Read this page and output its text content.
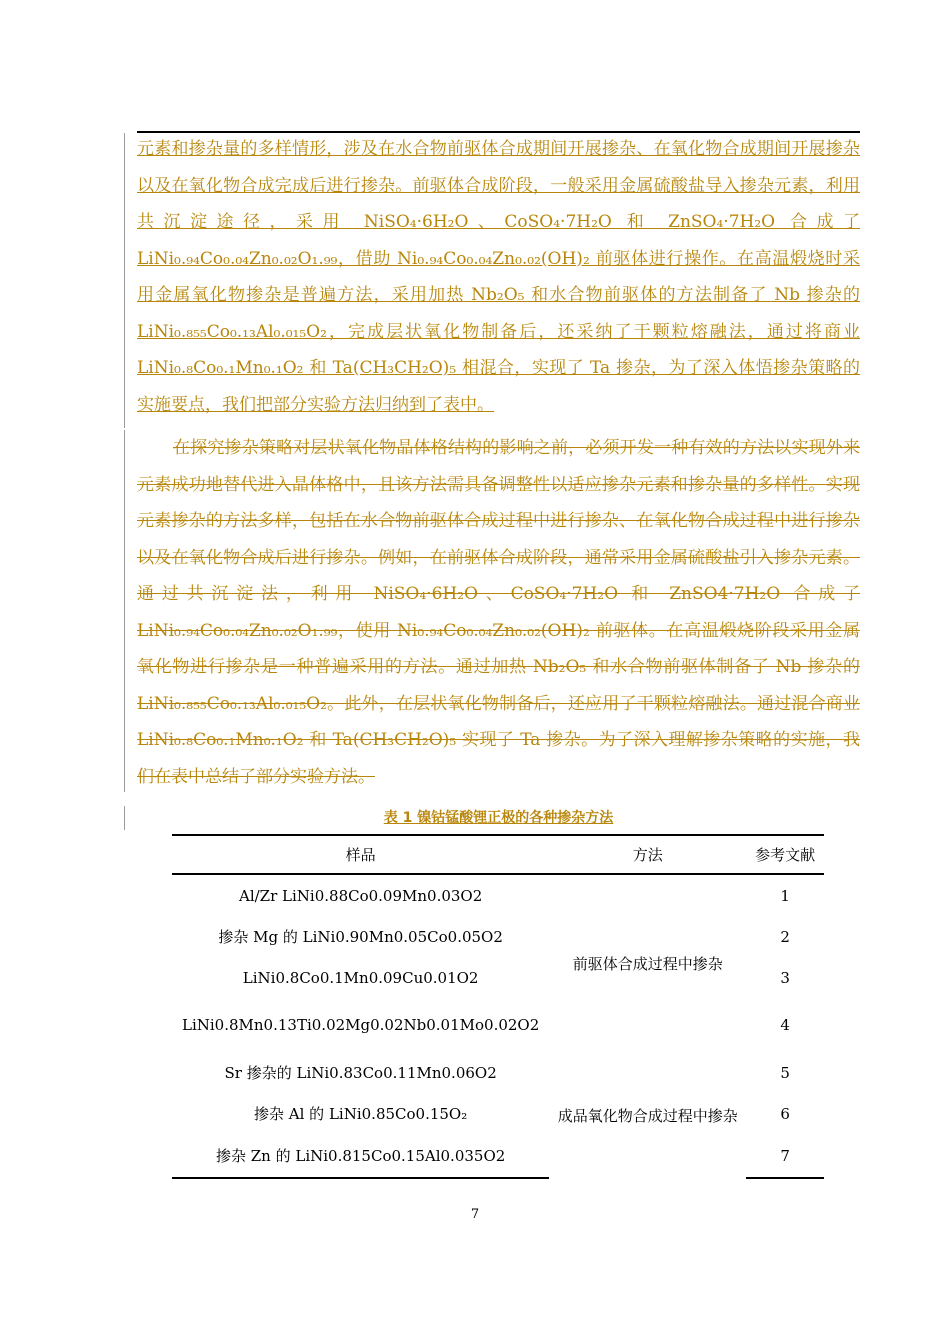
元素和掺杂量的多样情形，涉及在水合物前驱体合成期间开展掺杂、在氧化物合成期间开展掺杂以及在氧化物合成完成后进行掺杂。前驱体合成阶段，一般采用金属硫酸盐导入掺杂元素，利用共沉淀途径，采用 NiSO₄·6H₂O、CoSO₄·7H₂O 和 ZnSO₄·7H₂O 合成了 LiNi₀.₉₄Co₀.₀₄Zn₀.₀₂O₁.₉₉，借助 Ni₀.₉₄Co₀.₀₄Zn₀.₀₂(OH)₂ 前驱体进行操作。在高温煅烧时采用金属氧化物掺杂是普遍方法，采用加热 Nb₂O₅ 和水合物前驱体的方法制备了 Nb 掺杂的 LiNi₀.₈₅₅Co₀.₁₃Al₀.₀₁₅O₂，完成层状氧化物制备后，还采纳了干颗粒熔融法，通过将商业 LiNi₀.₈Co₀.₁Mn₀.₁O₂ 和 Ta(CH₃CH₂O)₅ 相混合，实现了 Ta 掺杂，为了深入体悟掺杂策略的实施要点，我们把部分实验方法归纳到了表中。

在探究掺杂策略对层状氧化物晶体格结构的影响之前，必须开发一种有效的方法以实现外来元素成功地替代进入晶体格中，且该方法需具备调整性以适应掺杂元素和掺杂量的多样性。实现元素掺杂的方法多样，包括在水合物前驱体合成过程中进行掺杂、在氧化物合成过程中进行掺杂以及在氧化物合成后进行掺杂。例如，在前驱体合成阶段，通常采用金属硫酸盐引入掺杂元素。通过共沉淀法，利用 NiSO₄·6H₂O、CoSO₄·7H₂O 和 ZnSO4·7H₂O 合成了 LiNi₀.₉₄Co₀.₀₄Zn₀.₀₂O₁.₉₉，使用 Ni₀.₉₄Co₀.₀₄Zn₀.₀₂(OH)₂ 前驱体。在高温煅烧阶段采用金属氧化物进行掺杂是一种普遍采用的方法。通过加热 Nb₂O₅ 和水合物前驱体制备了 Nb 掺杂的 LiNi₀.₈₅₅Co₀.₁₃Al₀.₀₁₅O₂。此外，在层状氧化物制备后，还应用了干颗粒熔融法。通过混合商业 LiNi₀.₈Co₀.₁Mn₀.₁O₂ 和 Ta(CH₃CH₂O)₅ 实现了 Ta 掺杂。为了深入理解掺杂策略的实施，我们在表中总结了部分实验方法。

表 1 镍钴锰酸锂正极的各种掺杂方法
样品	方法	参考文献
Al/Zr LiNi0.88Co0.09Mn0.03O2	前驱体合成过程中掺杂	1
掺杂 Mg 的 LiNi0.90Mn0.05Co0.05O2		2
LiNi0.8Co0.1Mn0.09Cu0.01O2		3
LiNi0.8Mn0.13Ti0.02Mg0.02Nb0.01Mo0.02O2		4
Sr 掺杂的 LiNi0.83Co0.11Mn0.06O2	成品氧化物合成过程中掺杂	5
掺杂 Al 的 LiNi0.85Co0.15O₂		6
掺杂 Zn 的 LiNi0.815Co0.15Al0.035O2		7
7
